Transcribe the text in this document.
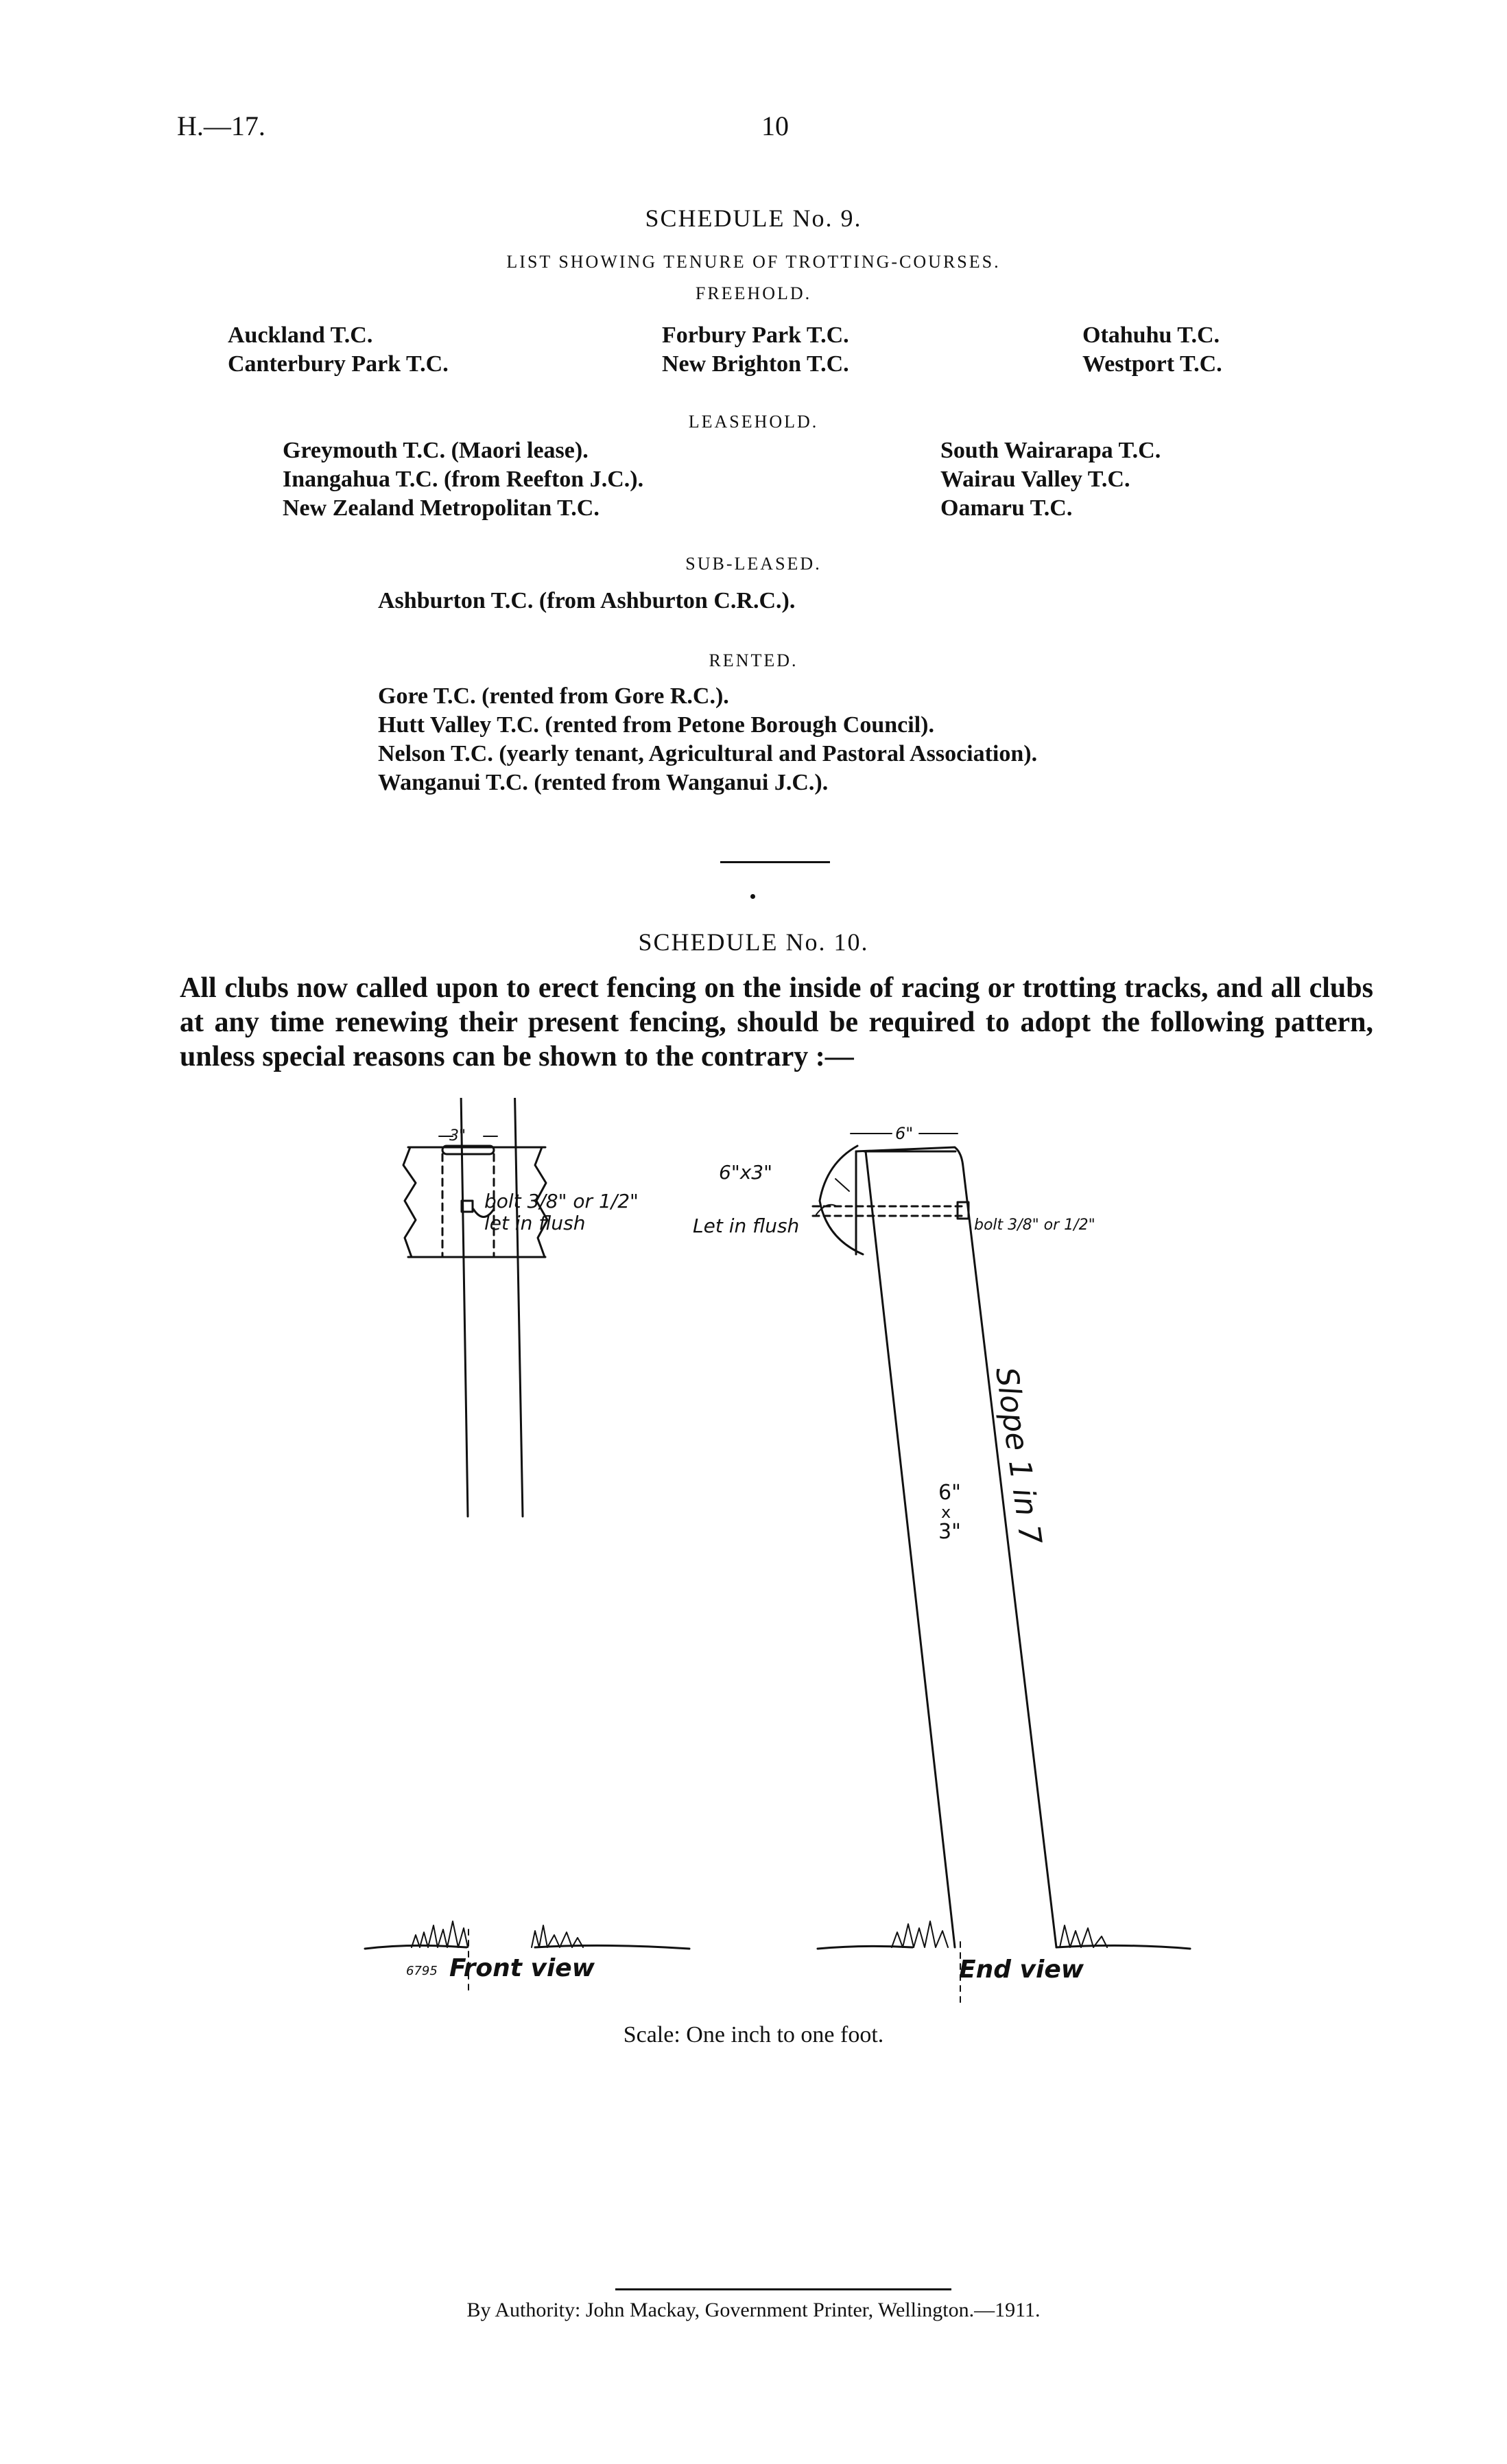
H.—17.	10
SCHEDULE No. 9.
LIST SHOWING TENURE OF TROTTING-COURSES.
FREEHOLD.
Auckland T.C.
Canterbury Park T.C.
Forbury Park T.C.
New Brighton T.C.
Otahuhu T.C.
Westport T.C.
LEASEHOLD.
Greymouth T.C. (Maori lease).
Inangahua T.C. (from Reefton J.C.).
New Zealand Metropolitan T.C.
South Wairarapa T.C.
Wairau Valley T.C.
Oamaru T.C.
SUB-LEASED.
Ashburton T.C. (from Ashburton C.R.C.).
RENTED.
Gore T.C. (rented from Gore R.C.).
Hutt Valley T.C. (rented from Petone Borough Council).
Nelson T.C. (yearly tenant, Agricultural and Pastoral Association).
Wanganui T.C. (rented from Wanganui J.C.).
SCHEDULE No. 10.
All clubs now called upon to erect fencing on the inside of racing or trotting tracks, and all clubs at any time renewing their present fencing, should be required to adopt the following pattern, unless special reasons can be shown to the contrary :—
3"
bolt 3/8" or 1/2"
let in flush
6795 Front view
6"x3"
6"
Let in flush	bolt 3/8" or 1/2"
Slope 1 in 7
6"
x
3"
End view
Scale: One inch to one foot.
By Authority: John Mackay, Government Printer, Wellington.—1911.
